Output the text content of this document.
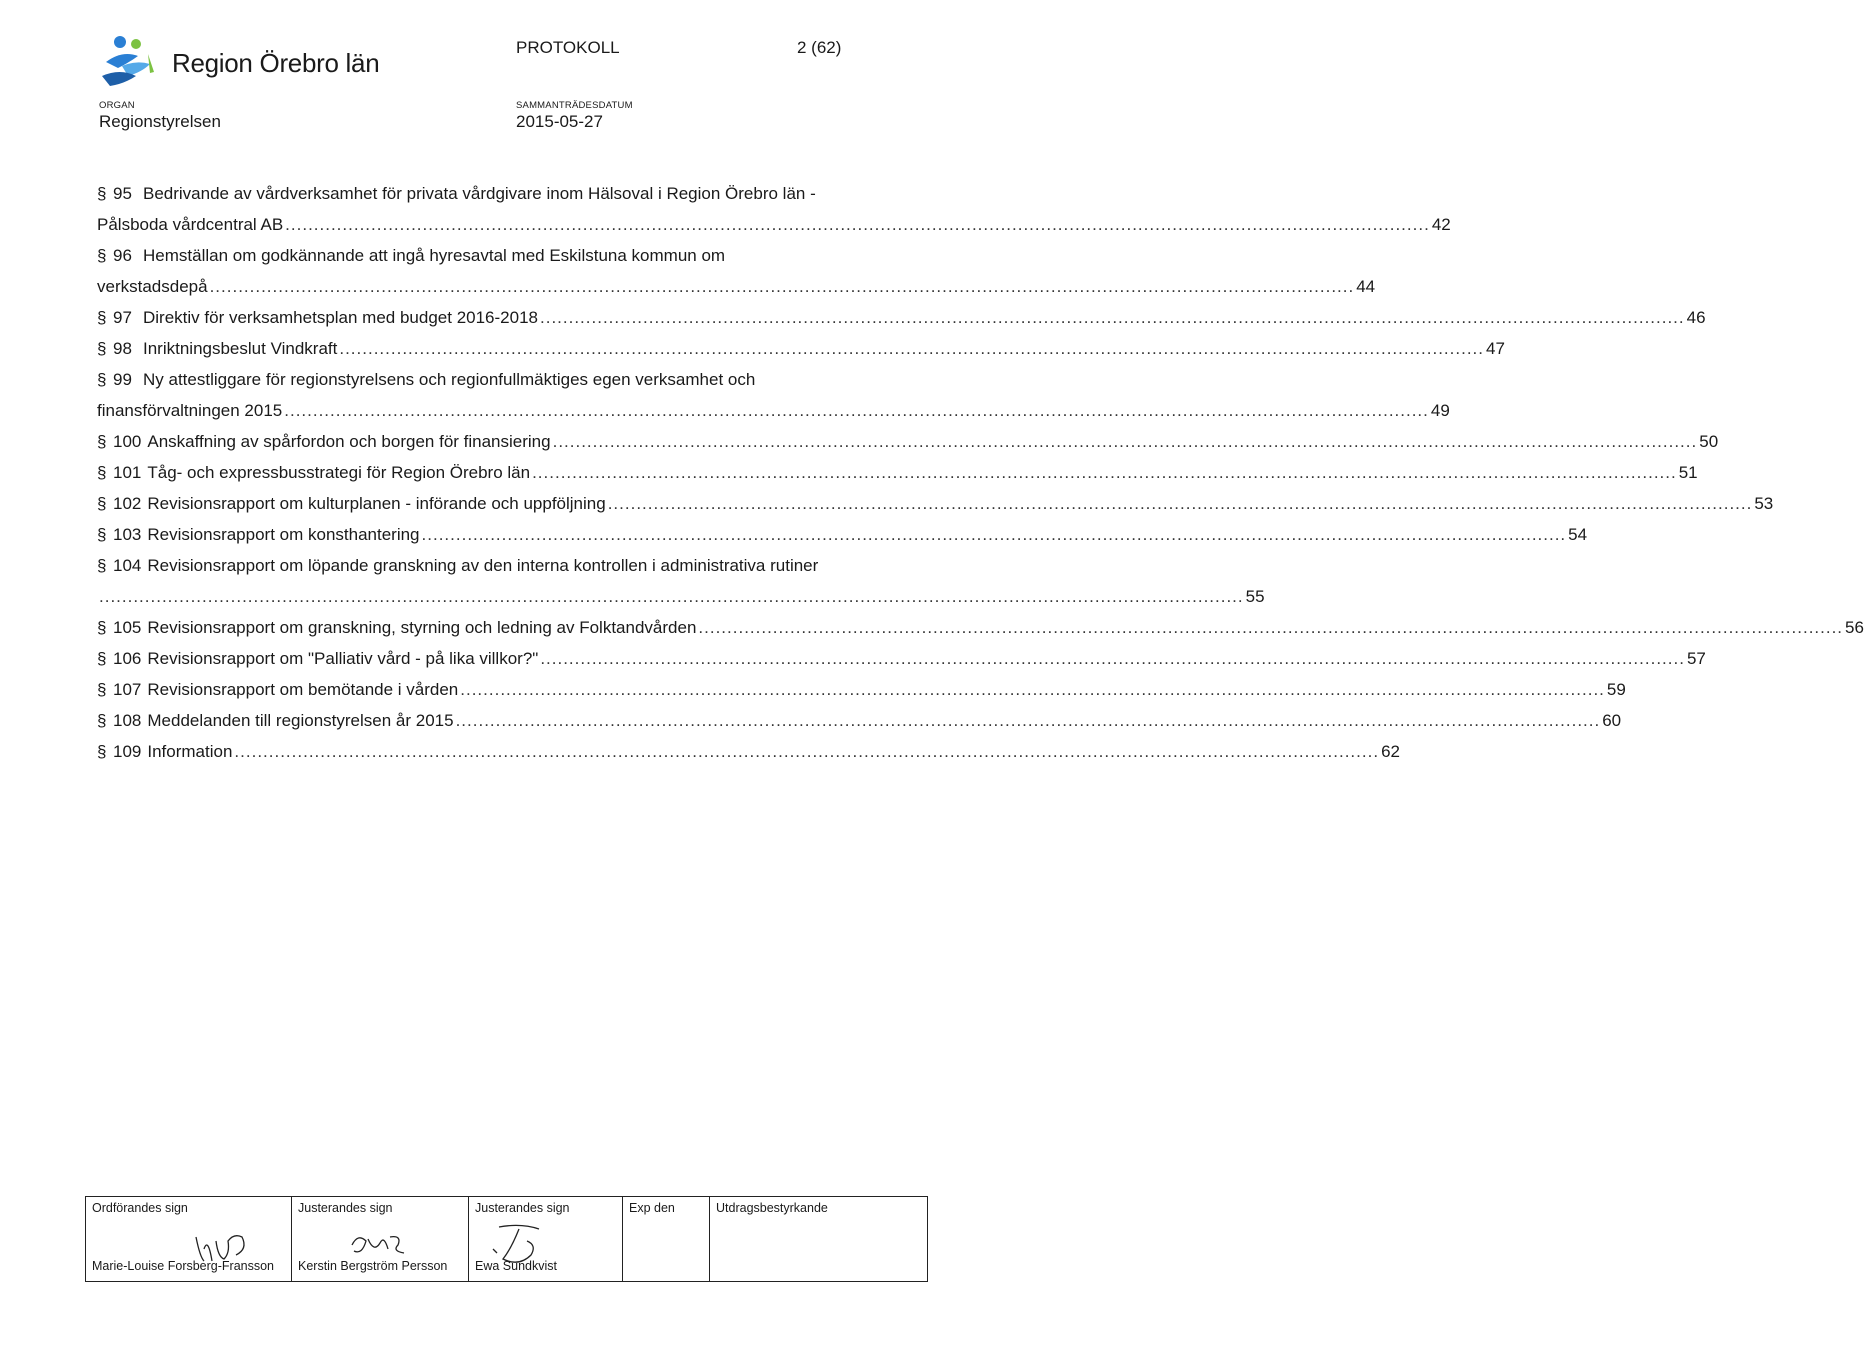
Region Örebro län
PROTOKOLL	2 (62)
ORGAN
Regionstyrelsen
SAMMANTRÄDESDATUM
2015-05-27
§ 95 Bedrivande av vårdverksamhet för privata vårdgivare inom Hälsoval i Region Örebro län -
Pålsboda vårdcentral AB ........................................................................................................................................................................................................ 42
§ 96 Hemställan om godkännande att ingå hyresavtal med Eskilstuna kommun om
verkstadsdepå ........................................................................................................................................................................................................ 44
§ 97 Direktiv för verksamhetsplan med budget 2016-2018 ........................................................................................................................................................................................................ 46
§ 98 Inriktningsbeslut Vindkraft ........................................................................................................................................................................................................ 47
§ 99 Ny attestliggare för regionstyrelsens och regionfullmäktiges egen verksamhet och
finansförvaltningen 2015 ........................................................................................................................................................................................................ 49
§ 100 Anskaffning av spårfordon och borgen för finansiering ........................................................................................................................................................................................................ 50
§ 101 Tåg- och expressbusstrategi för Region Örebro län ........................................................................................................................................................................................................ 51
§ 102 Revisionsrapport om kulturplanen - införande och uppföljning ........................................................................................................................................................................................................ 53
§ 103 Revisionsrapport om konsthantering ........................................................................................................................................................................................................ 54
§ 104 Revisionsrapport om löpande granskning av den interna kontrollen i administrativa rutiner
........................................................................................................................................................................................................ 55
§ 105 Revisionsrapport om granskning, styrning och ledning av Folktandvården ........................................................................................................................................................................................................ 56
§ 106 Revisionsrapport om "Palliativ vård - på lika villkor?" ........................................................................................................................................................................................................ 57
§ 107 Revisionsrapport om bemötande i vården ........................................................................................................................................................................................................ 59
§ 108 Meddelanden till regionstyrelsen år 2015 ........................................................................................................................................................................................................ 60
§ 109 Information ........................................................................................................................................................................................................ 62
Ordförandes sign
Marie-Louise Forsberg-Fransson

Justerandes sign
Kerstin Bergström Persson

Justerandes sign
Ewa Sundkvist

Exp den	Utdragsbestyrkande
